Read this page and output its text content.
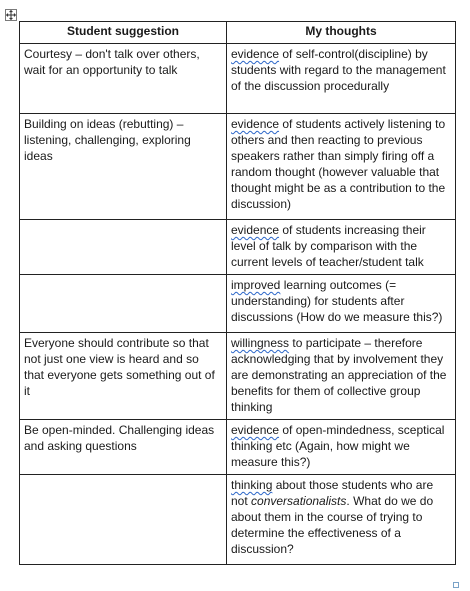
Student suggestion	My thoughts
Courtesy – don't talk over others, wait for an opportunity to talk	evidence of self-control(discipline) by students with regard to the management of the discussion procedurally
Building on ideas (rebutting) – listening, challenging, exploring ideas	evidence of students actively listening to others and then reacting to previous speakers rather than simply firing off a random thought (however valuable that thought might be as a contribution to the discussion)
	evidence of students increasing their level of talk by comparison with the current levels of teacher/student talk
	improved learning outcomes (= understanding) for students after discussions (How do we measure this?)
Everyone should contribute so that not just one view is heard and so that everyone gets something out of it	willingness to participate – therefore acknowledging that by involvement they are demonstrating an appreciation of the benefits for them of collective group thinking
Be open-minded. Challenging ideas and asking questions	evidence of open-mindedness, sceptical thinking etc (Again, how might we measure this?)
	thinking about those students who are not conversationalists. What do we do about them in the course of trying to determine the effectiveness of a discussion?
